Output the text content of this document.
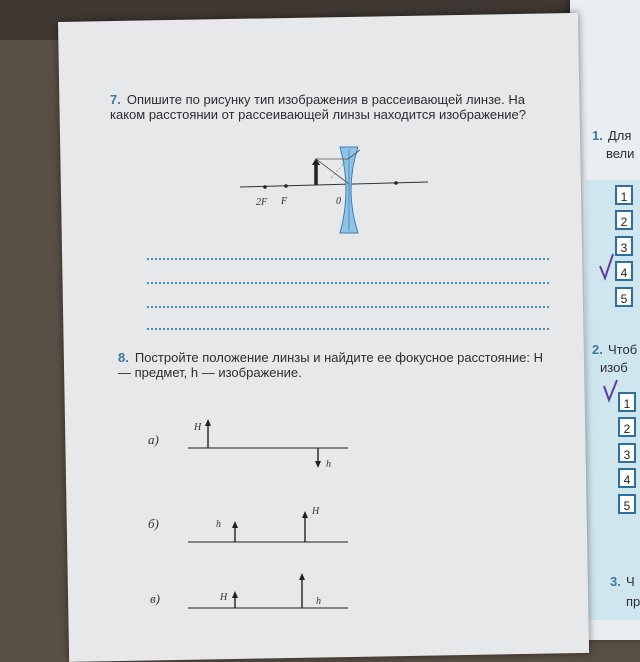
1. Для
вели
1
2
3
4
5
2. Чтоб
изоб
1
2
3
4
5
3. Ч
пр
7. Опишите по рисунку тип изображения в рассеивающей линзе. На каком расстоянии от рассеивающей линзы находится изображение?
2F F	0
8. Постройте положение линзы и найдите ее фокусное расстояние: H — предмет, h — изображение.
а)
б)
в)
H
h
h
H
H	h
